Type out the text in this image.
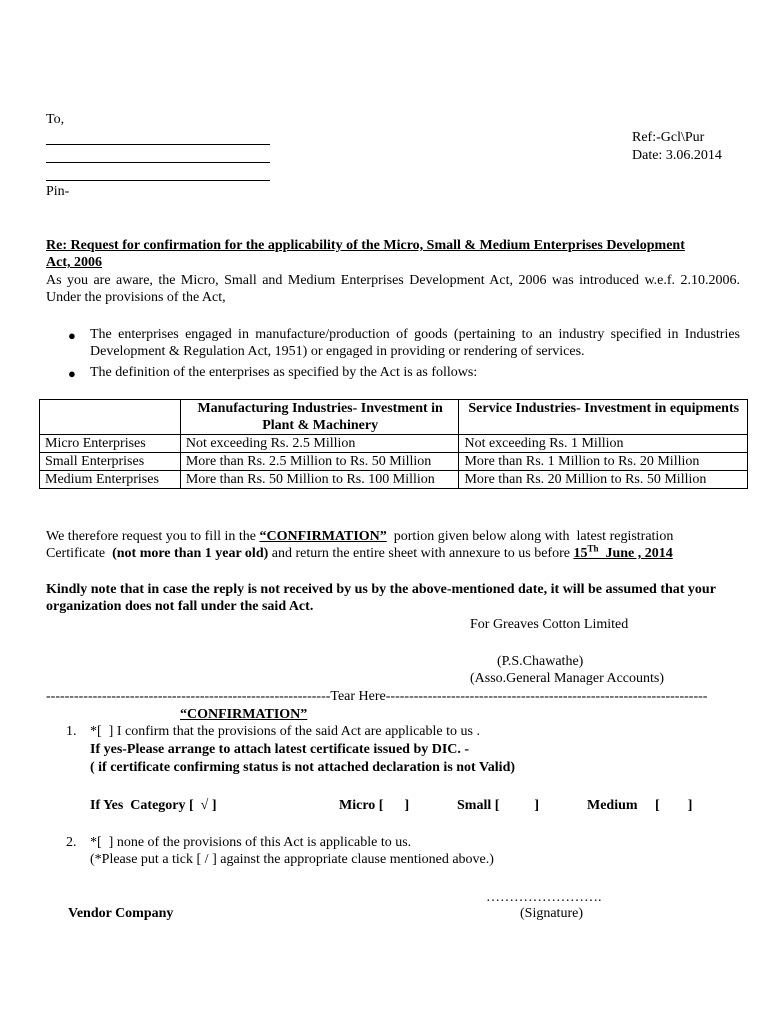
To,
Pin-
Ref:-Gcl\Pur
Date: 3.06.2014
Re: Request for confirmation for the applicability of the Micro, Small & Medium Enterprises Development
Act, 2006

As you are aware, the Micro, Small and Medium Enterprises Development Act, 2006 was introduced w.e.f. 2.10.2006. Under the provisions of the Act,

● The enterprises engaged in manufacture/production of goods (pertaining to an industry specified in Industries Development & Regulation Act, 1951) or engaged in providing or rendering of services.

● The definition of the enterprises as specified by the Act is as follows:

	Manufacturing Industries- Investment in Plant & Machinery	Service Industries- Investment in equipments
Micro Enterprises	Not exceeding Rs. 2.5 Million	Not exceeding Rs. 1 Million
Small Enterprises	More than Rs. 2.5 Million to Rs. 50 Million	More than Rs. 1 Million to Rs. 20 Million
Medium Enterprises	More than Rs. 50 Million to Rs. 100 Million	More than Rs. 20 Million to Rs. 50 Million
We therefore request you to fill in the “CONFIRMATION”  portion given below along with  latest registration
Certificate  (not more than 1 year old) and return the entire sheet with annexure to us before 15Th  June , 2014

Kindly note that in case the reply is not received by us by the above-mentioned date, it will be assumed that your organization does not fall under the said Act.

For Greaves Cotton Limited
(P.S.Chawathe)
(Asso.General Manager Accounts)
-------------------------------------------------------------Tear Here---------------------------------------------------------------------
“CONFIRMATION”
1. *[  ] I confirm that the provisions of the said Act are applicable to us .
If yes-Please arrange to attach latest certificate issued by DIC. -
( if certificate confirming status is not attached declaration is not Valid)
If Yes  Category [  √ ]	Micro [      ]	Small [          ]	Medium     [        ]
2. *[  ] none of the provisions of this Act is applicable to us.
(*Please put a tick [ / ] against the appropriate clause mentioned above.)
…………………….
Vendor Company	(Signature)
